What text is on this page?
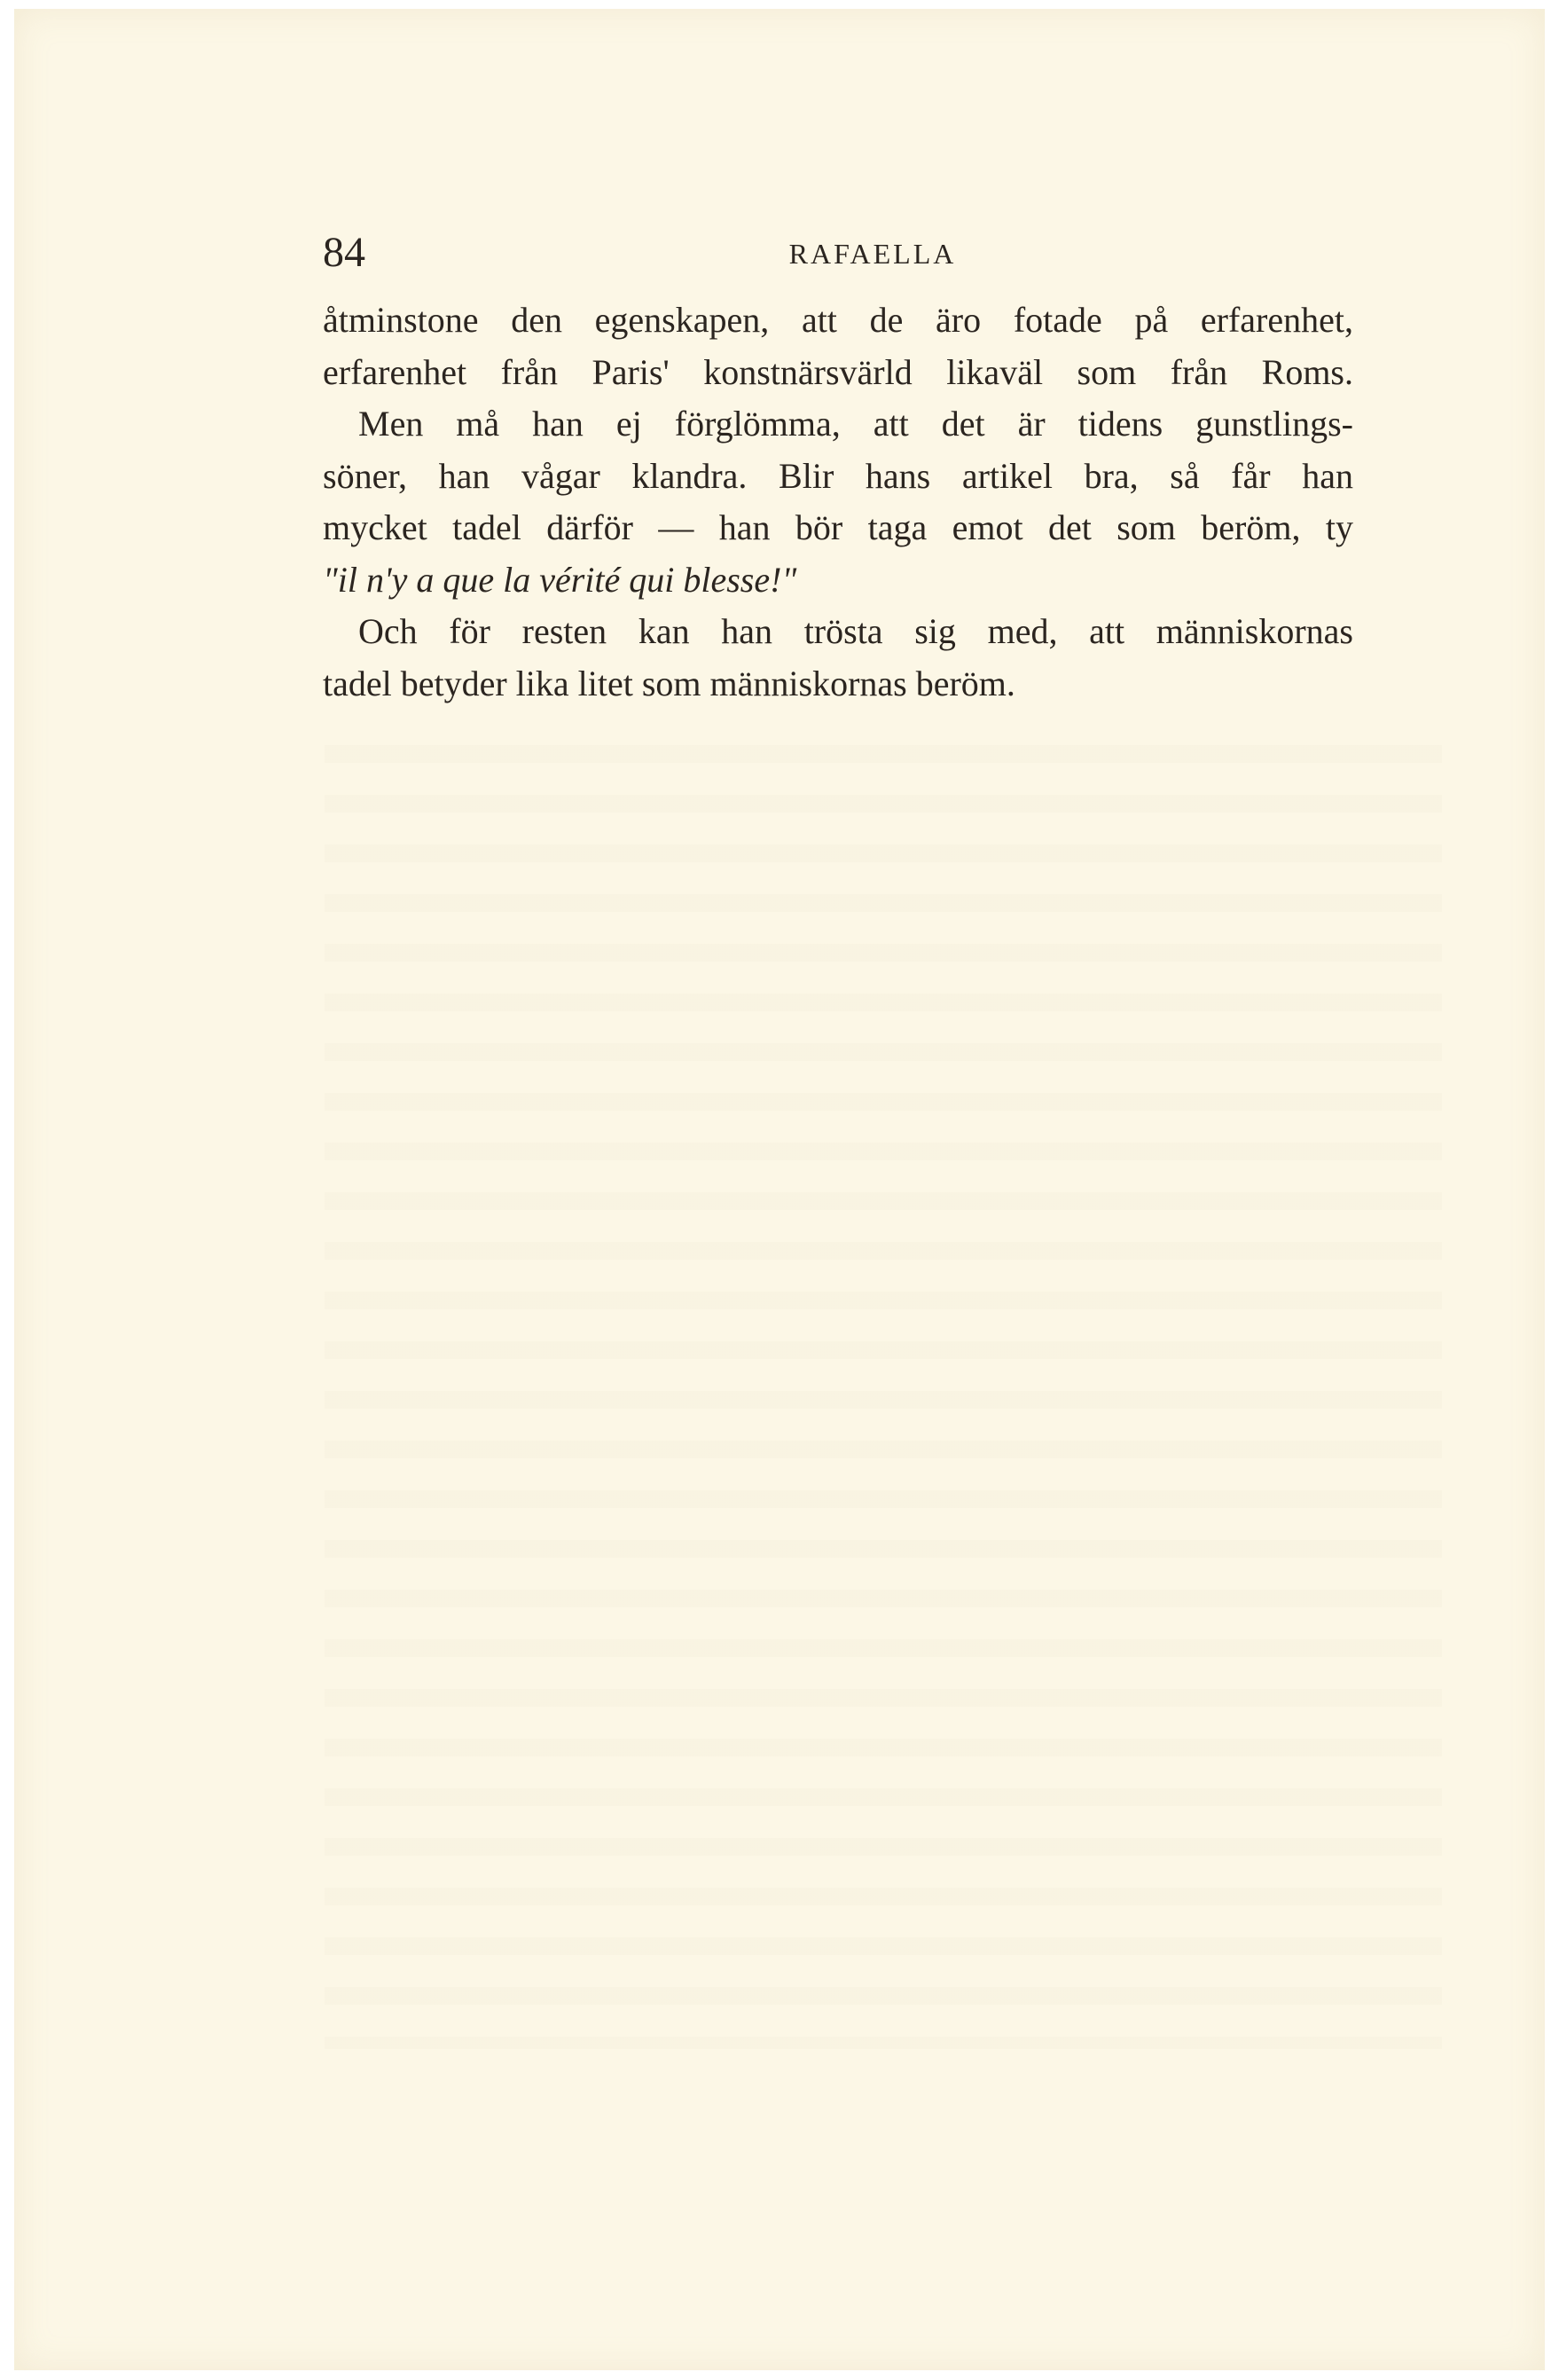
84	RAFAELLA

åtminstone den egenskapen, att de äro fotade på erfarenhet,
erfarenhet från Paris' konstnärsvärld likaväl som från Roms.
Men må han ej förglömma, att det är tidens gunstlings-
söner, han vågar klandra. Blir hans artikel bra, så får han
mycket tadel därför — han bör taga emot det som beröm, ty
"il n'y a que la vérité qui blesse!"

Och för resten kan han trösta sig med, att människornas
tadel betyder lika litet som människornas beröm.
